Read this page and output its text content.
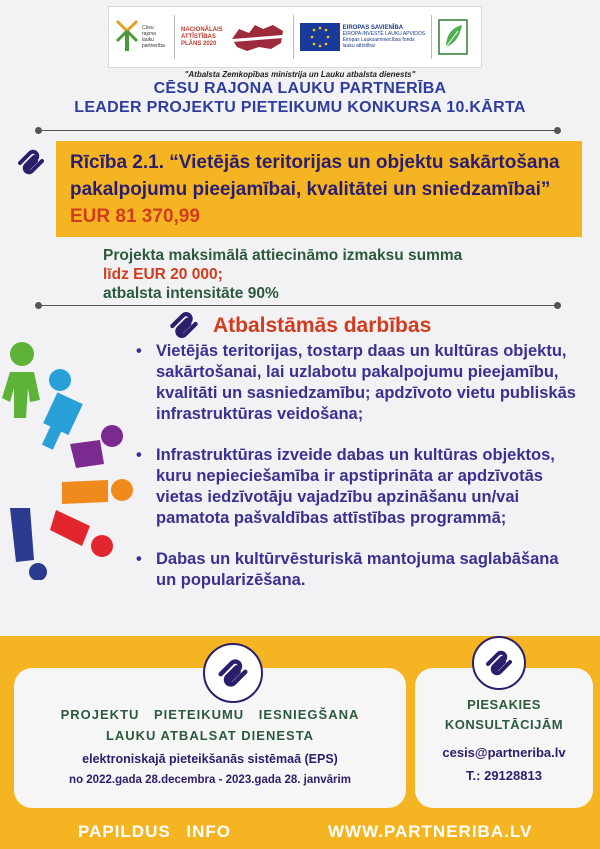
Cēsu rajona lauku partnerība
NACIONĀLAIS
ATTĪSTĪBAS
PLĀNS 2020
EIROPAS SAVIENĪBA
EIROPA INVESTĒ LAUKU APVIDOS
Eiropas Lauksaimniecības fonds
lauku attīstībai
"Atbalsta Zemkopības ministrija un Lauku atbalsta dienests"
CĒSU RAJONA LAUKU PARTNERĪBA
LEADER PROJEKTU PIETEIKUMU KONKURSA 10.KĀRTA
Rīcība 2.1. “Vietējās teritorijas un objektu sakārtošana pakalpojumu pieejamībai, kvalitātei un sniedzamībai” EUR 81 370,99
Projekta maksimālā attiecināmo izmaksu summa
līdz EUR 20 000;
atbalsta intensitāte 90%
Atbalstāmās darbības
• Vietējās teritorijas, tostarp daas un kultūras objektu, sakārtošanai, lai uzlabotu pakalpojumu pieejamību, kvalitāti un sasniedzamību; apdzīvoto vietu publiskās infrastruktūras veidošana;
• Infrastruktūras izveide dabas un kultūras objektos, kuru nepieciešamība ir apstiprināta ar apdzīvotās vietas iedzīvotāju vajadzību apzināšanu un/vai pamatota pašvaldības attīstības programmā;
• Dabas un kultūrvēsturiskā mantojuma saglabāšana un popularizēšana.
PROJEKTU PIETEIKUMU IESNIEGŠANA
LAUKU ATBALSAT DIENESTA
elektroniskajā pieteikšanās sistēmaā (EPS)
no 2022.gada 28.decembra - 2023.gada 28. janvārim
PIESAKIES
KONSULTĀCIJĀM
cesis@partneriba.lv
T.: 29128813
PAPILDUS INFO	WWW.PARTNERIBA.LV
